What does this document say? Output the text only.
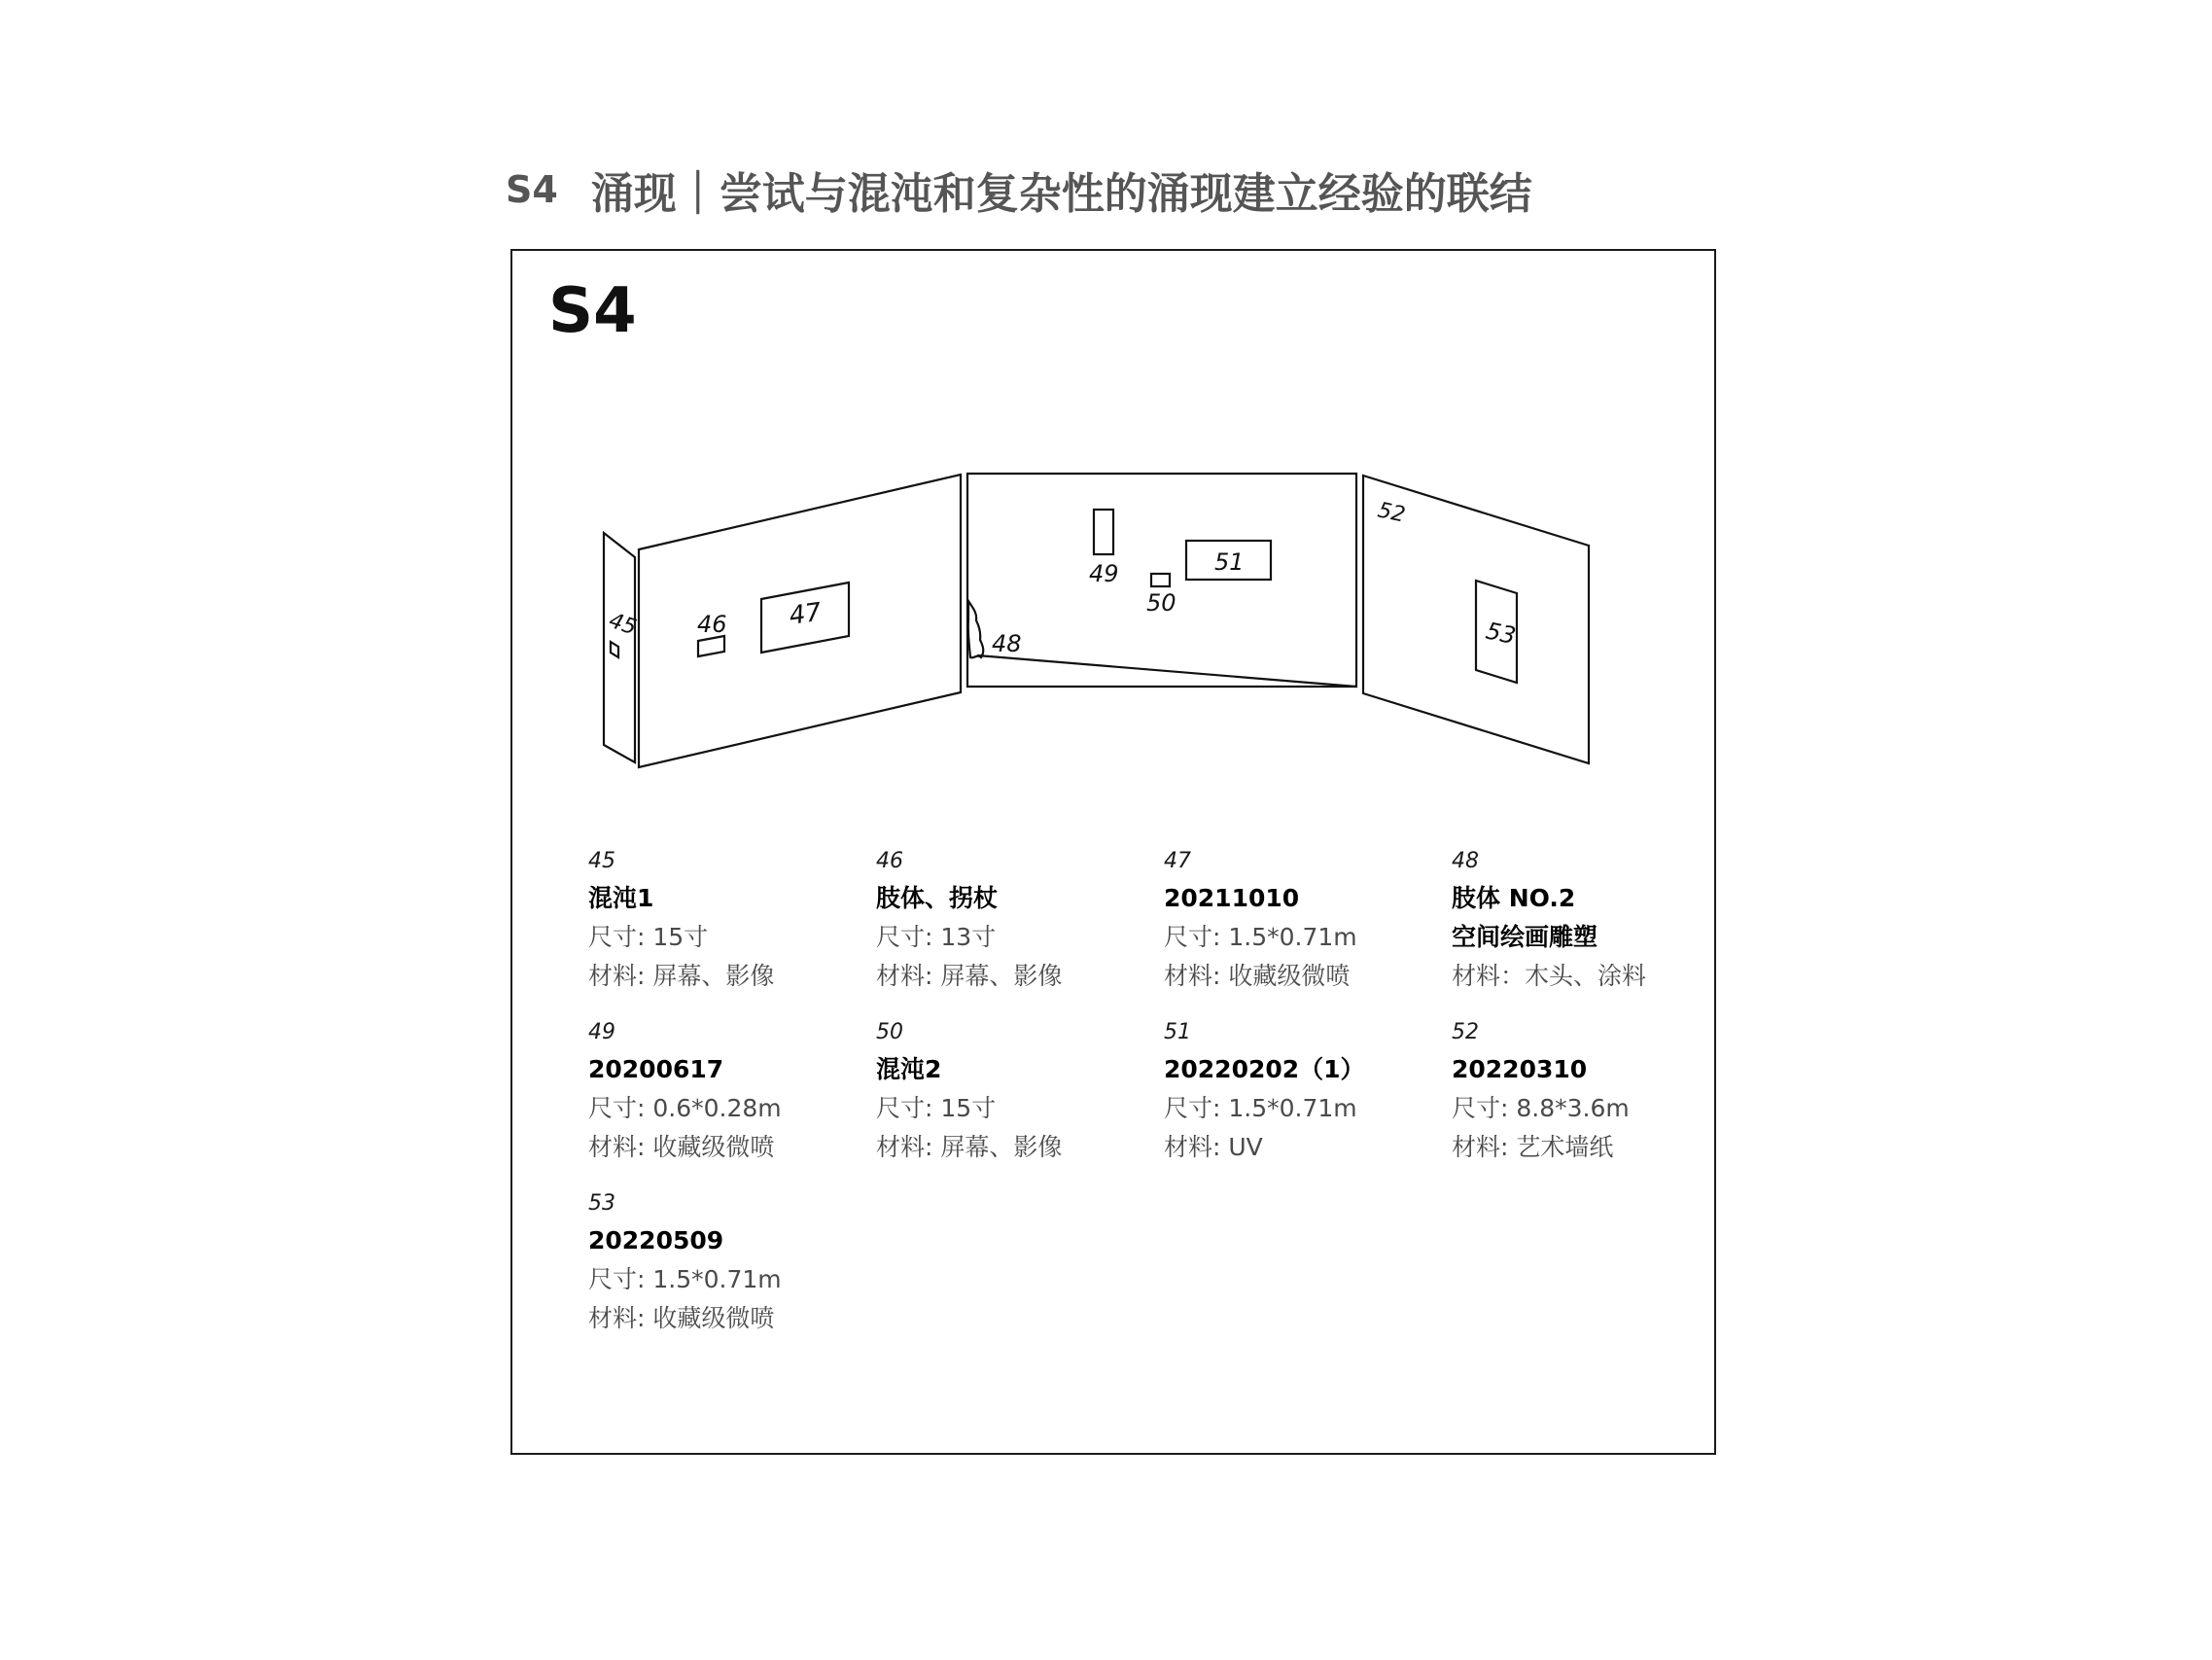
S4 涌现｜尝试与混沌和复杂性的涌现建立经验的联结
S4
45 46 47
48
49
50
51
52
53
45
混沌1
尺寸: 15寸
材料: 屏幕、影像
46
肢体、拐杖
尺寸: 13寸
材料: 屏幕、影像
47
20211010
尺寸: 1.5*0.71m
材料: 收藏级微喷
48
肢体 NO.2
空间绘画雕塑
材料：木头、涂料
49
20200617
尺寸: 0.6*0.28m
材料: 收藏级微喷
50
混沌2
尺寸: 15寸
材料: 屏幕、影像
51
20220202（1）
尺寸: 1.5*0.71m
材料: UV
52
20220310
尺寸: 8.8*3.6m
材料: 艺术墙纸
53
20220509
尺寸: 1.5*0.71m
材料: 收藏级微喷
